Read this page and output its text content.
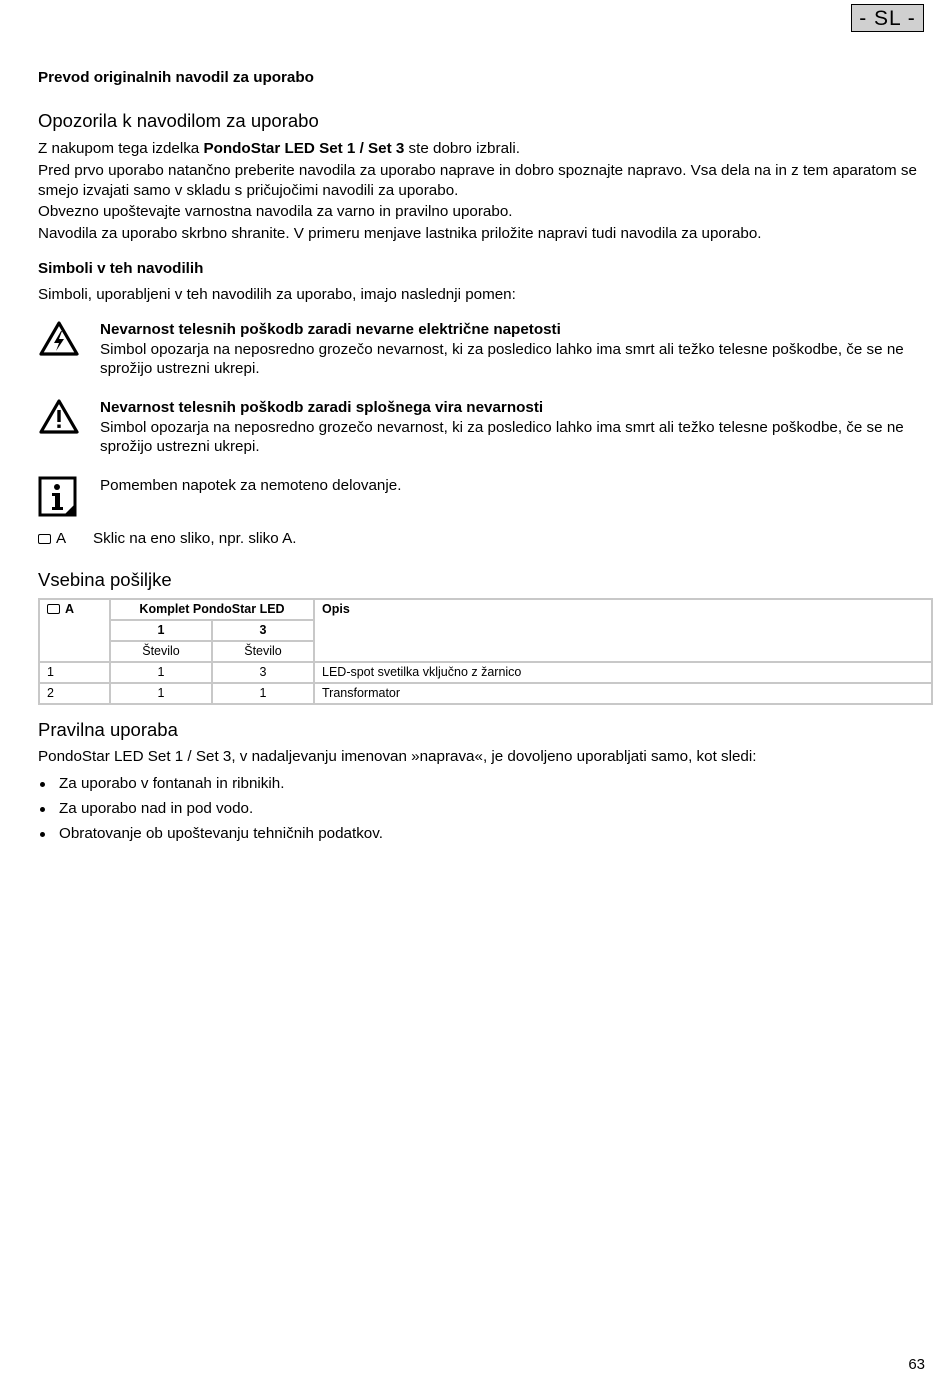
- SL -
Prevod originalnih navodil za uporabo
Opozorila k navodilom za uporabo

Z nakupom tega izdelka PondoStar LED Set 1 / Set 3 ste dobro izbrali.

Pred prvo uporabo natančno preberite navodila za uporabo naprave in dobro spoznajte napravo. Vsa dela na in z tem aparatom se smejo izvajati samo v skladu s pričujočimi navodili za uporabo.

Obvezno upoštevajte varnostna navodila za varno in pravilno uporabo.

Navodila za uporabo skrbno shranite. V primeru menjave lastnika priložite napravi tudi navodila za uporabo.

Simboli v teh navodilih

Simboli, uporabljeni v teh navodilih za uporabo, imajo naslednji pomen:

Nevarnost telesnih poškodb zaradi nevarne električne napetosti
Simbol opozarja na neposredno grozečo nevarnost, ki za posledico lahko ima smrt ali težko telesne poškodbe, če se ne sprožijo ustrezni ukrepi.
Nevarnost telesnih poškodb zaradi splošnega vira nevarnosti
Simbol opozarja na neposredno grozečo nevarnost, ki za posledico lahko ima smrt ali težko telesne poškodbe, če se ne sprožijo ustrezni ukrepi.
Pomemben napotek za nemoteno delovanje.
A Sklic na eno sliko, npr. sliko A.
Vsebina pošiljke
A	Komplet PondoStar LED		Opis
	1	3	
	Število	Število	
1	1	3	LED-spot svetilka vključno z žarnico
2	1	1	Transformator
Pravilna uporaba

PondoStar LED Set 1 / Set 3, v nadaljevanju imenovan »naprava«, je dovoljeno uporabljati samo, kot sledi:

Za uporabo v fontanah in ribnikih.
Za uporabo nad in pod vodo.
Obratovanje ob upoštevanju tehničnih podatkov.
63
